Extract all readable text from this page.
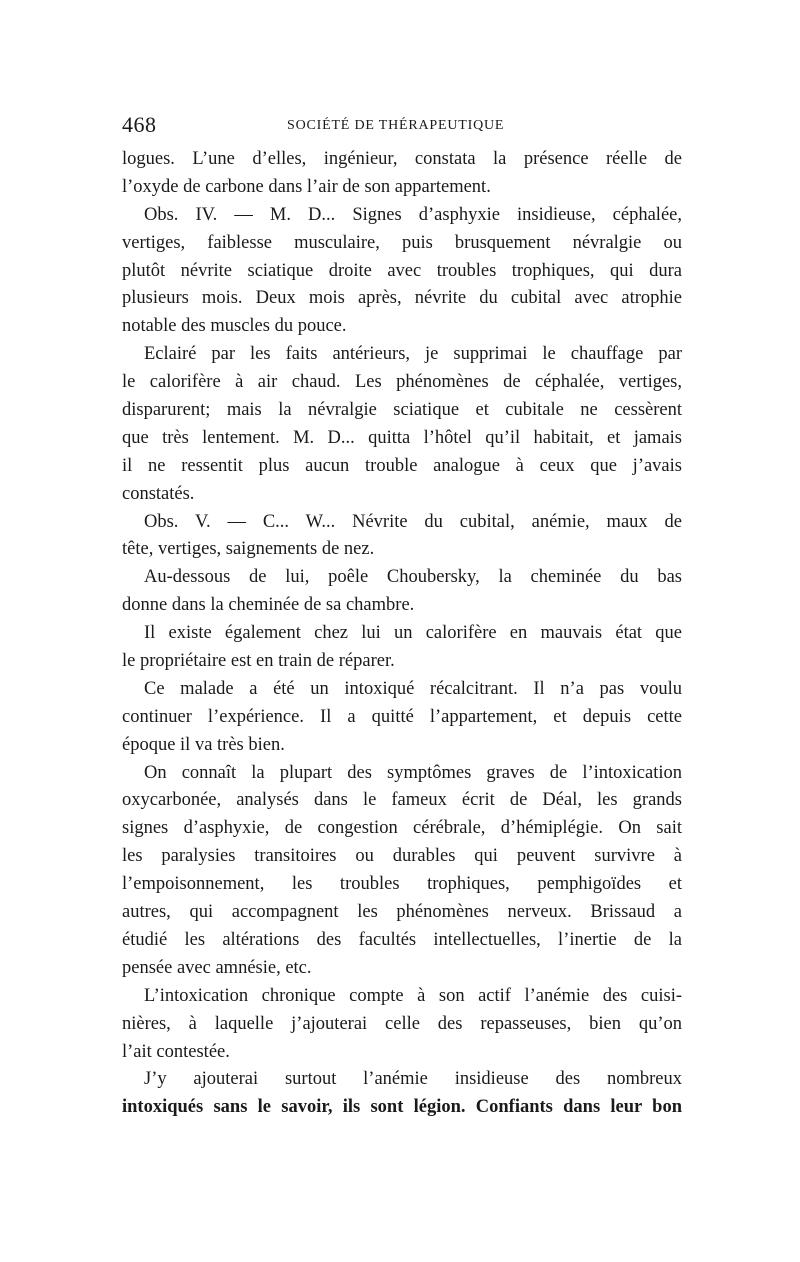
468	SOCIÉTÉ DE THÉRAPEUTIQUE
logues. L’une d’elles, ingénieur, constata la présence réelle de
l’oxyde de carbone dans l’air de son appartement.
Obs. IV. — M. D... Signes d’asphyxie insidieuse, céphalée,
vertiges, faiblesse musculaire, puis brusquement névralgie ou
plutôt névrite sciatique droite avec troubles trophiques, qui dura
plusieurs mois. Deux mois après, névrite du cubital avec atrophie
notable des muscles du pouce.
Eclairé par les faits antérieurs, je supprimai le chauffage par
le calorifère à air chaud. Les phénomènes de céphalée, vertiges,
disparurent; mais la névralgie sciatique et cubitale ne cessèrent
que très lentement. M. D... quitta l’hôtel qu’il habitait, et jamais
il ne ressentit plus aucun trouble analogue à ceux que j’avais
constatés.
Obs. V. — C... W... Névrite du cubital, anémie, maux de
tête, vertiges, saignements de nez.
Au-dessous de lui, poêle Choubersky, la cheminée du bas
donne dans la cheminée de sa chambre.
Il existe également chez lui un calorifère en mauvais état que
le propriétaire est en train de réparer.
Ce malade a été un intoxiqué récalcitrant. Il n’a pas voulu
continuer l’expérience. Il a quitté l’appartement, et depuis cette
époque il va très bien.
On connaît la plupart des symptômes graves de l’intoxication
oxycarbonée, analysés dans le fameux écrit de Déal, les grands
signes d’asphyxie, de congestion cérébrale, d’hémiplégie. On sait
les paralysies transitoires ou durables qui peuvent survivre à
l’empoisonnement, les troubles trophiques, pemphigoïdes et
autres, qui accompagnent les phénomènes nerveux. Brissaud a
étudié les altérations des facultés intellectuelles, l’inertie de la
pensée avec amnésie, etc.
L’intoxication chronique compte à son actif l’anémie des cuisi-
nières, à laquelle j’ajouterai celle des repasseuses, bien qu’on
l’ait contestée.
J’y ajouterai surtout l’anémie insidieuse des nombreux
intoxiqués sans le savoir, ils sont légion. Confiants dans leur bon
